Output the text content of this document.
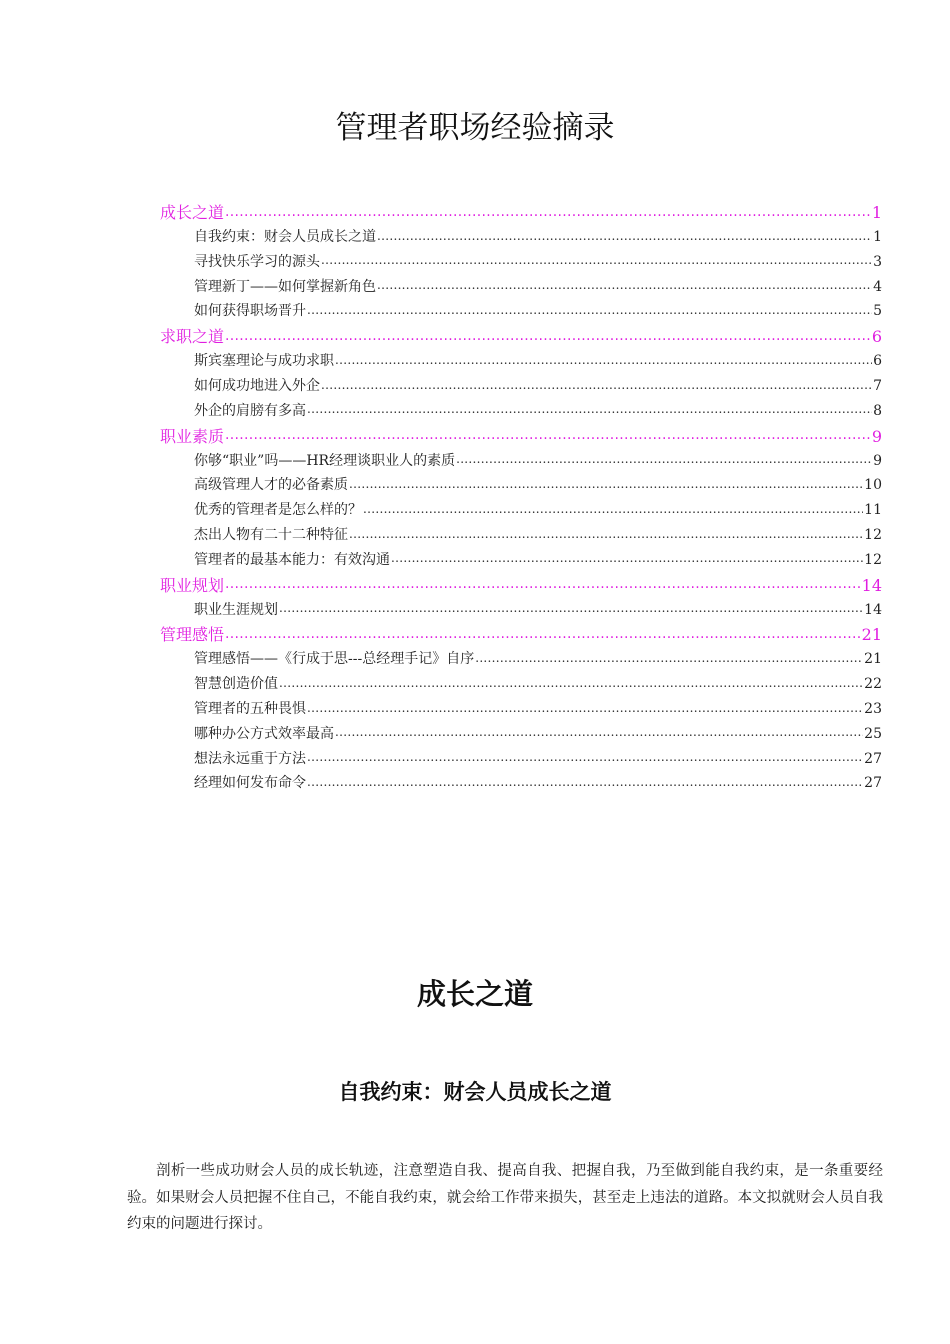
管理者职场经验摘录
成长之道 .....	1
自我约束：财会人员成长之道 .....	1
寻找快乐学习的源头 .....	3
管理新丁——如何掌握新角色 .....	4
如何获得职场晋升 .....	5
求职之道 .....	6
斯宾塞理论与成功求职 .....	6
如何成功地进入外企 .....	7
外企的肩膀有多高 .....	8
职业素质 .....	9
你够“职业”吗——HR经理谈职业人的素质 .....	9
高级管理人才的必备素质 .....	10
优秀的管理者是怎么样的？ .....	11
杰出人物有二十二种特征 .....	12
管理者的最基本能力：有效沟通 .....	12
职业规划 .....	14
职业生涯规划 .....	14
管理感悟 .....	21
管理感悟——《行成于思---总经理手记》自序 .....	21
智慧创造价值 .....	22
管理者的五种畏惧 .....	23
哪种办公方式效率最高 .....	25
想法永远重于方法 .....	27
经理如何发布命令 .....	27
成长之道
自我约束：财会人员成长之道

剖析一些成功财会人员的成长轨迹，注意塑造自我、提高自我、把握自我，乃至做到能自我约束，是一条重要经验。如果财会人员把握不住自己，不能自我约束，就会给工作带来损失，甚至走上违法的道路。本文拟就财会人员自我约束的问题进行探讨。
